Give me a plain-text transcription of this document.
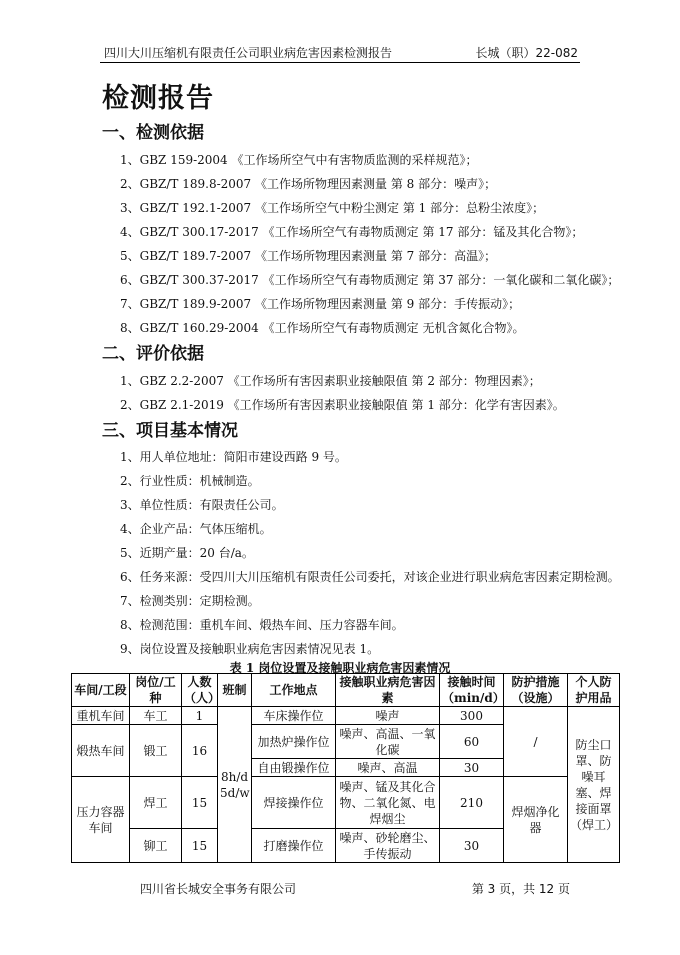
四川大川压缩机有限责任公司职业病危害因素检测报告	长城（职）22-082
检测报告
一、检测依据
1、GBZ 159-2004 《工作场所空气中有害物质监测的采样规范》；
2、GBZ/T 189.8-2007 《工作场所物理因素测量 第 8 部分：噪声》；
3、GBZ/T 192.1-2007 《工作场所空气中粉尘测定 第 1 部分：总粉尘浓度》；
4、GBZ/T 300.17-2017 《工作场所空气有毒物质测定 第 17 部分：锰及其化合物》；
5、GBZ/T 189.7-2007 《工作场所物理因素测量 第 7 部分：高温》；
6、GBZ/T 300.37-2017 《工作场所空气有毒物质测定 第 37 部分：一氧化碳和二氧化碳》；
7、GBZ/T 189.9-2007 《工作场所物理因素测量 第 9 部分：手传振动》；
8、GBZ/T 160.29-2004 《工作场所空气有毒物质测定 无机含氮化合物》。
二、评价依据
1、GBZ 2.2-2007 《工作场所有害因素职业接触限值 第 2 部分：物理因素》；
2、GBZ 2.1-2019 《工作场所有害因素职业接触限值 第 1 部分：化学有害因素》。
三、项目基本情况
1、用人单位地址：简阳市建设西路 9 号。
2、行业性质：机械制造。
3、单位性质：有限责任公司。
4、企业产品：气体压缩机。
5、近期产量：20 台/a。
6、任务来源：受四川大川压缩机有限责任公司委托，对该企业进行职业病危害因素定期检测。
7、检测类别：定期检测。
8、检测范围：重机车间、煅热车间、压力容器车间。
9、岗位设置及接触职业病危害因素情况见表 1。
表 1 岗位设置及接触职业病危害因素情况
车间/工段	岗位/工种	人数（人）	班制	工作地点	接触职业病危害因素	接触时间（min/d）	防护措施（设施）	个人防护用品
重机车间	车工	1	8h/d 5d/w	车床操作位	噪声	300	/	防尘口罩、防噪耳塞、焊接面罩（焊工）
煅热车间	锻工	16		加热炉操作位	噪声、高温、一氧化碳	60		
				自由锻操作位	噪声、高温	30		
压力容器车间	焊工	15		焊接操作位	噪声、锰及其化合物、二氧化氮、电焊烟尘	210	焊烟净化器	
	铆工	15		打磨操作位	噪声、砂轮磨尘、手传振动	30		
四川省长城安全事务有限公司	第 3 页，共 12 页
